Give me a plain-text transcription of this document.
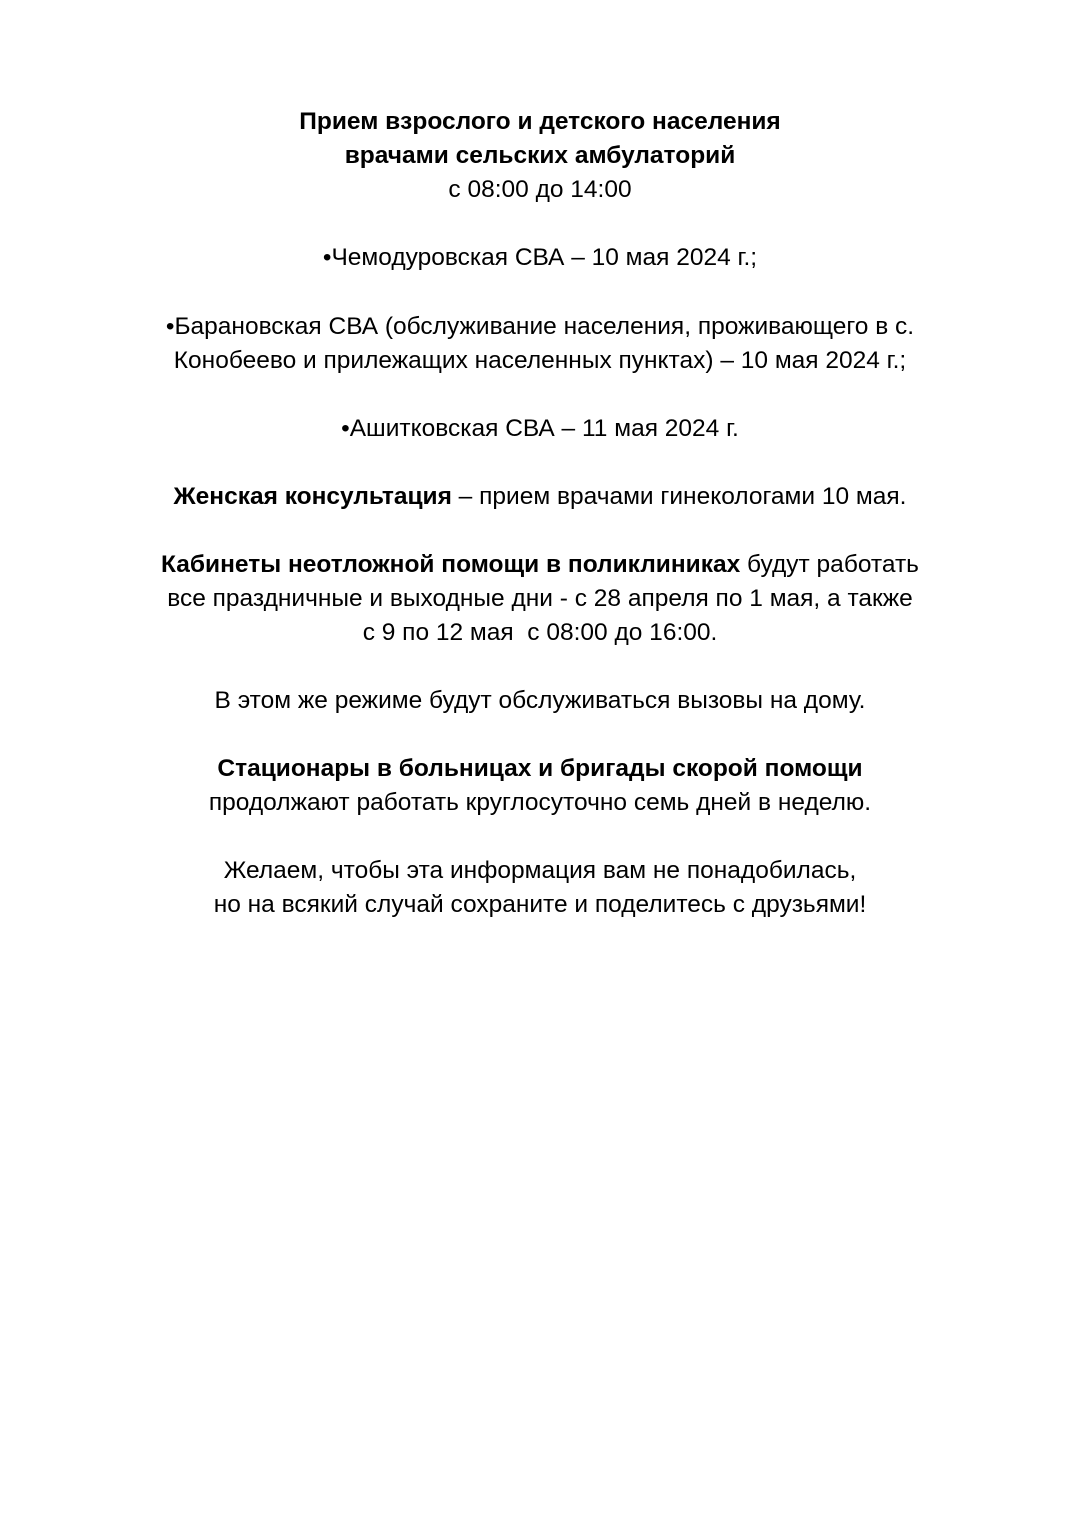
Прием взрослого и детского населения
врачами сельских амбулаторий
с 08:00 до 14:00
•Чемодуровская СВА – 10 мая 2024 г.;
•Барановская СВА (обслуживание населения, проживающего в с.
Конобеево и прилежащих населенных пунктах) – 10 мая 2024 г.;
•Ашитковская СВА – 11 мая 2024 г.
Женская консультация – прием врачами гинекологами 10 мая.
Кабинеты неотложной помощи в поликлиниках будут работать
все праздничные и выходные дни - с 28 апреля по 1 мая, а также
с 9 по 12 мая  с 08:00 до 16:00.
В этом же режиме будут обслуживаться вызовы на дому.
Стационары в больницах и бригады скорой помощи
продолжают работать круглосуточно семь дней в неделю.
Желаем, чтобы эта информация вам не понадобилась,
но на всякий случай сохраните и поделитесь с друзьями!
